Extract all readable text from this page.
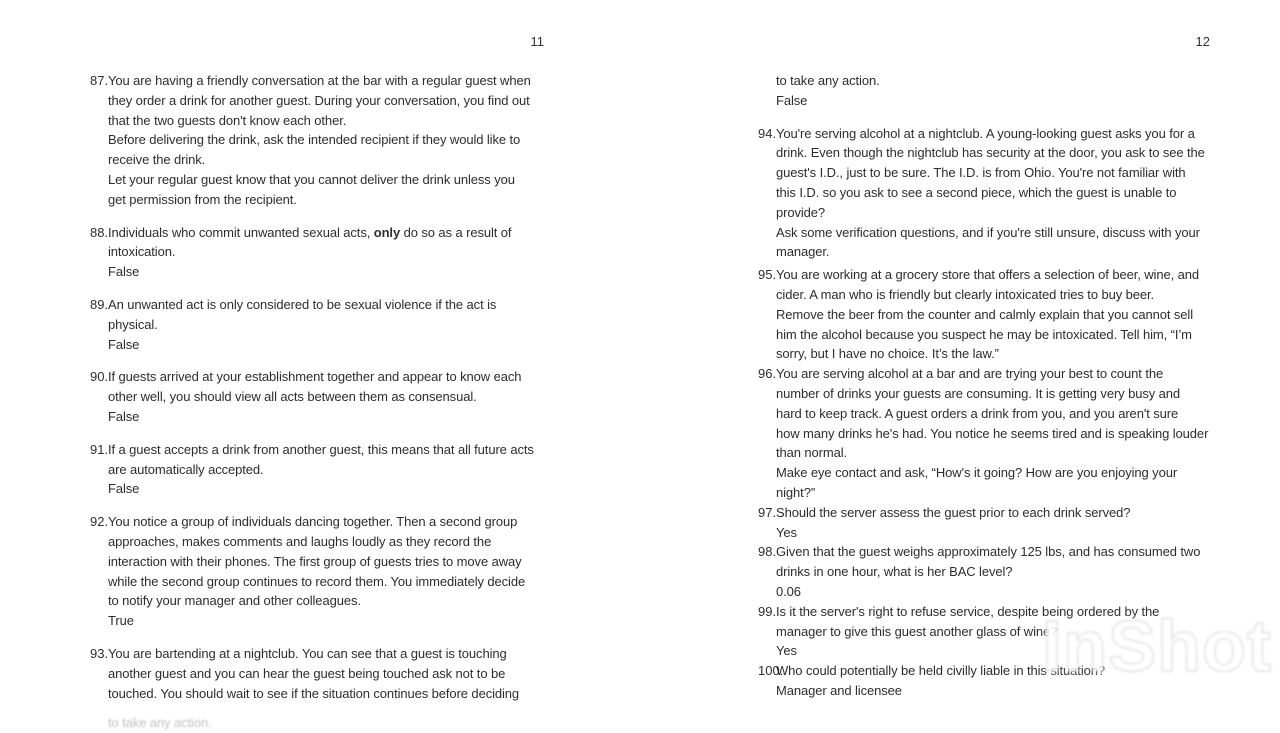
11	12
87. You are having a friendly conversation at the bar with a regular guest when
they order a drink for another guest. During your conversation, you find out
that the two guests don't know each other.
Before delivering the drink, ask the intended recipient if they would like to
receive the drink.
Let your regular guest know that you cannot deliver the drink unless you
get permission from the recipient.
88. Individuals who commit unwanted sexual acts, only do so as a result of
intoxication.
False
89. An unwanted act is only considered to be sexual violence if the act is
physical.
False
90. If guests arrived at your establishment together and appear to know each
other well, you should view all acts between them as consensual.
False
91. If a guest accepts a drink from another guest, this means that all future acts
are automatically accepted.
False
92. You notice a group of individuals dancing together. Then a second group
approaches, makes comments and laughs loudly as they record the
interaction with their phones. The first group of guests tries to move away
while the second group continues to record them. You immediately decide
to notify your manager and other colleagues.
True
93. You are bartending at a nightclub. You can see that a guest is touching
another guest and you can hear the guest being touched ask not to be
touched. You should wait to see if the situation continues before deciding
to take any action.
False
94. You're serving alcohol at a nightclub. A young-looking guest asks you for a
drink. Even though the nightclub has security at the door, you ask to see the
guest's I.D., just to be sure. The I.D. is from Ohio. You're not familiar with
this I.D. so you ask to see a second piece, which the guest is unable to
provide?
Ask some verification questions, and if you're still unsure, discuss with your
manager.
95. You are working at a grocery store that offers a selection of beer, wine, and
cider. A man who is friendly but clearly intoxicated tries to buy beer.
Remove the beer from the counter and calmly explain that you cannot sell
him the alcohol because you suspect he may be intoxicated. Tell him, “I’m
sorry, but I have no choice. It’s the law.”
96. You are serving alcohol at a bar and are trying your best to count the
number of drinks your guests are consuming. It is getting very busy and
hard to keep track. A guest orders a drink from you, and you aren't sure
how many drinks he's had. You notice he seems tired and is speaking louder
than normal.
Make eye contact and ask, “How's it going? How are you enjoying your
night?”
97. Should the server assess the guest prior to each drink served?
Yes
98. Given that the guest weighs approximately 125 lbs, and has consumed two
drinks in one hour, what is her BAC level?
0.06
99. Is it the server's right to refuse service, despite being ordered by the
manager to give this guest another glass of wine?
Yes
100.
Who could potentially be held civilly liable in this situation?
Manager and licensee
to take any action.
InShot
